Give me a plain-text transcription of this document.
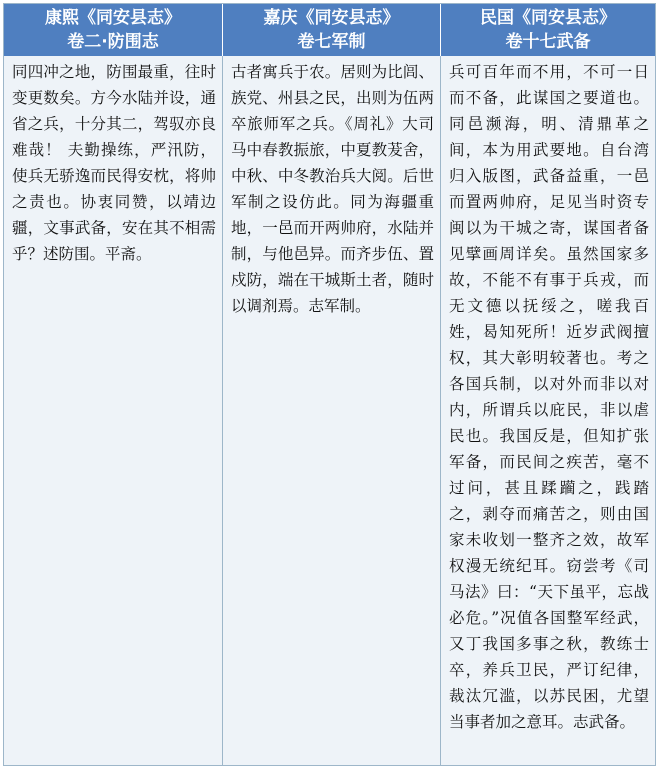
康熙《同安县志》
卷二·防围志
嘉庆《同安县志》
卷七军制
民国《同安县志》
卷十七武备
同四冲之地，防围最重，往时变更数矣。方今水陆并设，通省之兵，十分其二，驾驭亦良难哉！ 夫勤操练，严汛防，使兵无骄逸而民得安枕，将帅之责也。协衷同赞，以靖边疆，文事武备，安在其不相需乎？述防围。平斋。
古者寓兵于农。居则为比闾、族党、州县之民，出则为伍两卒旅师军之兵。《周礼》大司马中春教振旅，中夏教茇舍，中秋、中冬教治兵大阅。后世军制之设仿此。同为海疆重地，一邑而开两帅府，水陆并制，与他邑异。而齐步伍、置戍防，端在干城斯土者，随时以调剂焉。志军制。
兵可百年而不用，不可一日而不备，此谋国之要道也。同邑濒海，明、清鼎革之间，本为用武要地。自台湾归入版图，武备益重，一邑而置两帅府，足见当时资专闽以为干城之寄，谋国者备见擘画周详矣。虽然国家多故，不能不有事于兵戎，而无文德以抚绥之，嗟我百姓，曷知死所！近岁武阀擅权，其大彰明较著也。考之各国兵制，以对外而非以对内，所谓兵以庇民，非以虐民也。我国反是，但知扩张军备，而民间之疾苦，毫不过问，甚且蹂躏之，践踏之，剥夺而痛苦之，则由国家未收划一整齐之效，故军权漫无统纪耳。窃尝考《司马法》曰：“天下虽平，忘战必危。”况值各国整军经武，又丁我国多事之秋，教练士卒，养兵卫民，严订纪律，裁汰冗滥，以苏民困，尤望当事者加之意耳。志武备。
